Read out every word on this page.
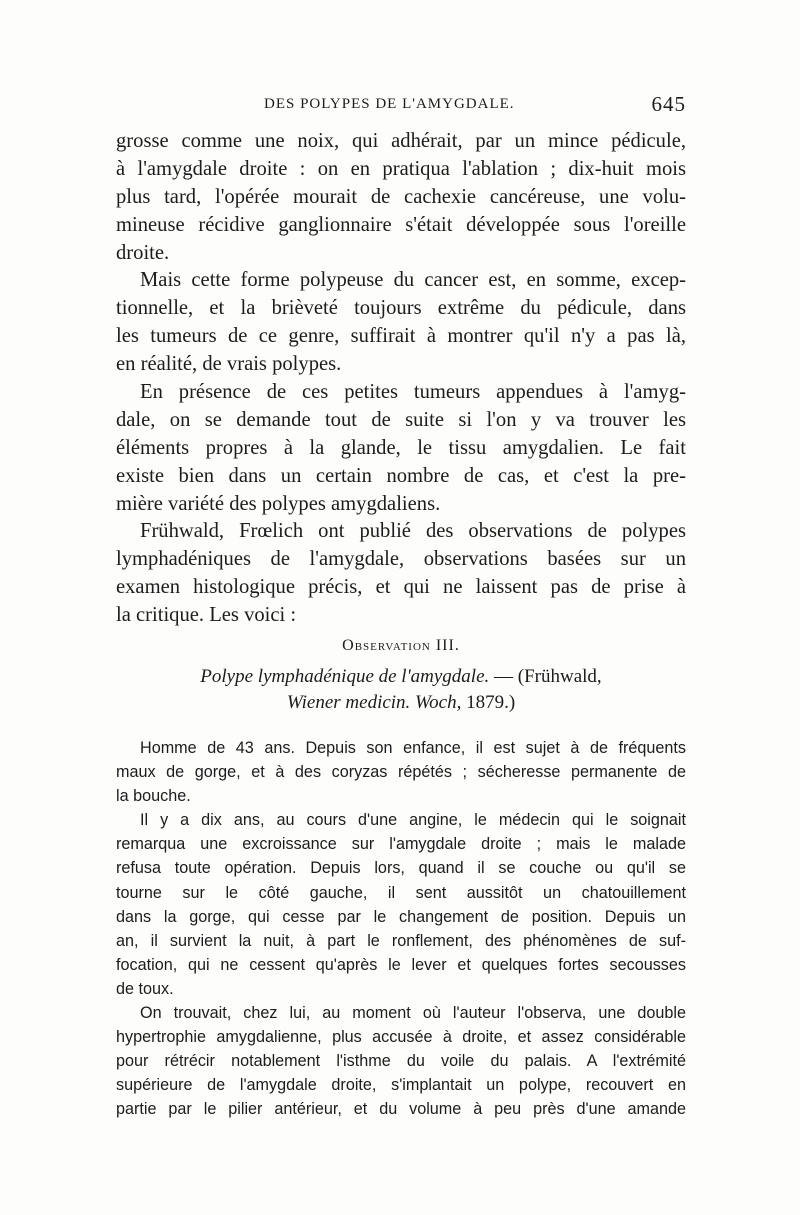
DES POLYPES DE L'AMYGDALE.	645
grosse comme une noix, qui adhérait, par un mince pédicule,
à l'amygdale droite : on en pratiqua l'ablation ; dix-huit mois
plus tard, l'opérée mourait de cachexie cancéreuse, une volu-
mineuse récidive ganglionnaire s'était développée sous l'oreille
droite.
Mais cette forme polypeuse du cancer est, en somme, excep-
tionnelle, et la brièveté toujours extrême du pédicule, dans
les tumeurs de ce genre, suffirait à montrer qu'il n'y a pas là,
en réalité, de vrais polypes.
En présence de ces petites tumeurs appendues à l'amyg-
dale, on se demande tout de suite si l'on y va trouver les
éléments propres à la glande, le tissu amygdalien. Le fait
existe bien dans un certain nombre de cas, et c'est la pre-
mière variété des polypes amygdaliens.
Frühwald, Frœlich ont publié des observations de polypes
lymphadéniques de l'amygdale, observations basées sur un
examen histologique précis, et qui ne laissent pas de prise à
la critique. Les voici :
Observation III.
Polype lymphadénique de l'amygdale. — (Frühwald,
Wiener medicin. Woch, 1879.)
Homme de 43 ans. Depuis son enfance, il est sujet à de fréquents
maux de gorge, et à des coryzas répétés ; sécheresse permanente de
la bouche.
Il y a dix ans, au cours d'une angine, le médecin qui le soignait
remarqua une excroissance sur l'amygdale droite ; mais le malade
refusa toute opération. Depuis lors, quand il se couche ou qu'il se
tourne sur le côté gauche, il sent aussitôt un chatouillement
dans la gorge, qui cesse par le changement de position. Depuis un
an, il survient la nuit, à part le ronflement, des phénomènes de suf-
focation, qui ne cessent qu'après le lever et quelques fortes secousses
de toux.
On trouvait, chez lui, au moment où l'auteur l'observa, une double
hypertrophie amygdalienne, plus accusée à droite, et assez considérable
pour rétrécir notablement l'isthme du voile du palais. A l'extrémité
supérieure de l'amygdale droite, s'implantait un polype, recouvert en
partie par le pilier antérieur, et du volume à peu près d'une amande
